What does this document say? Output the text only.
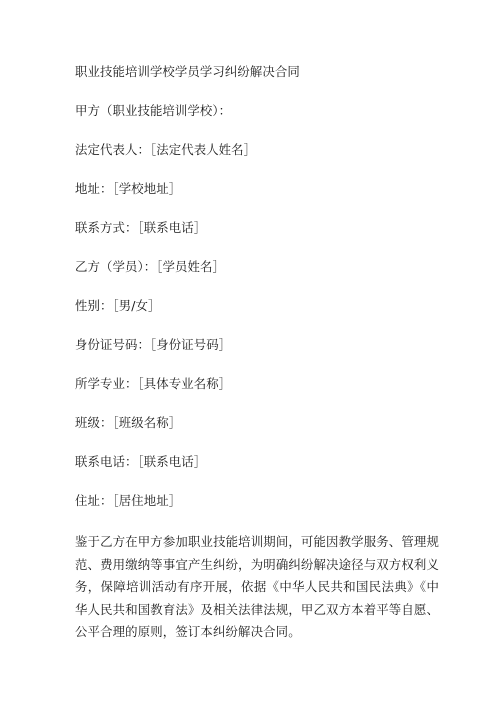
职业技能培训学校学员学习纠纷解决合同
甲方（职业技能培训学校）：
法定代表人：［法定代表人姓名］
地址：［学校地址］
联系方式：［联系电话］
乙方（学员）：［学员姓名］
性别：［男/女］
身份证号码：［身份证号码］
所学专业：［具体专业名称］
班级：［班级名称］
联系电话：［联系电话］
住址：［居住地址］
鉴于乙方在甲方参加职业技能培训期间，可能因教学服务、管理规范、费用缴纳等事宜产生纠纷，为明确纠纷解决途径与双方权利义务，保障培训活动有序开展，依据《中华人民共和国民法典》《中华人民共和国教育法》及相关法律法规，甲乙双方本着平等自愿、公平合理的原则，签订本纠纷解决合同。
